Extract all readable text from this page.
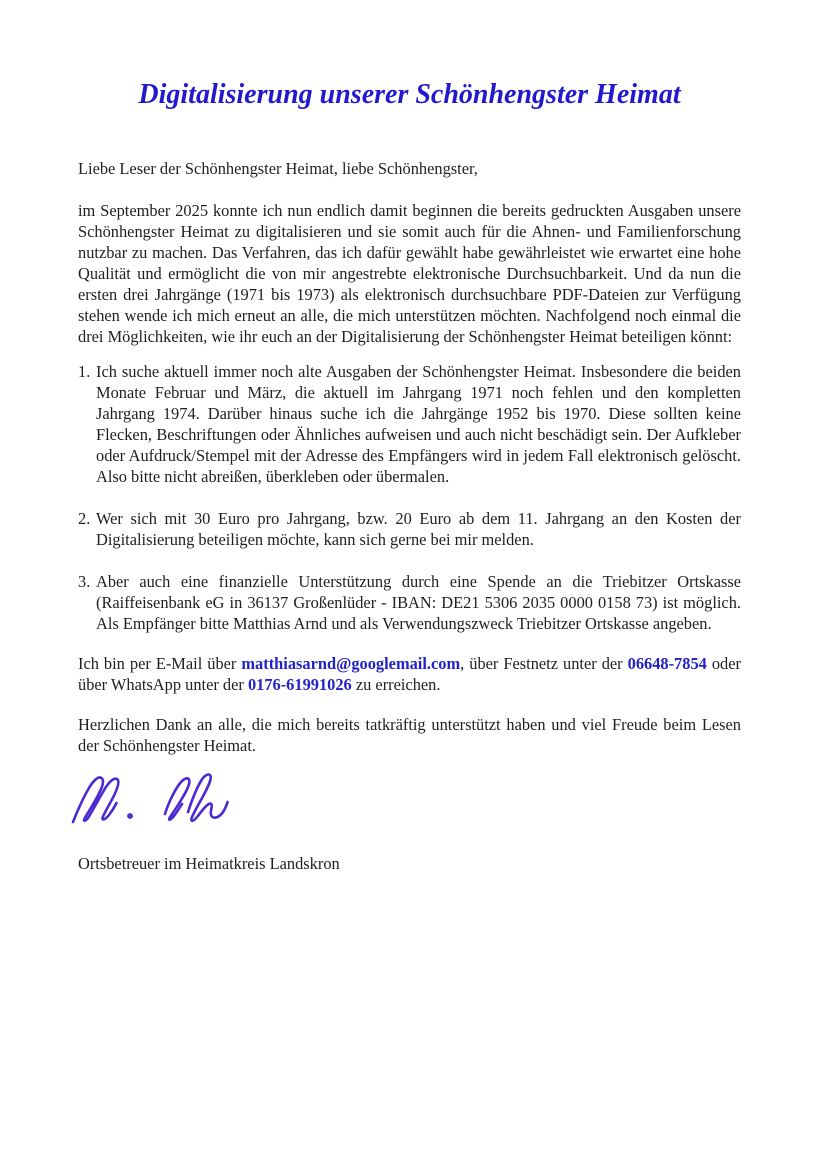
Digitalisierung unserer Schönhengster Heimat

Liebe Leser der Schönhengster Heimat, liebe Schönhengster,

im September 2025 konnte ich nun endlich damit beginnen die bereits gedruckten Ausgaben unsere Schönhengster Heimat zu digitalisieren und sie somit auch für die Ahnen- und Familienforschung nutzbar zu machen. Das Verfahren, das ich dafür gewählt habe gewährleistet wie erwartet eine hohe Qualität und ermöglicht die von mir angestrebte elektronische Durchsuchbarkeit. Und da nun die ersten drei Jahrgänge (1971 bis 1973) als elektronisch durchsuchbare PDF-Dateien zur Verfügung stehen wende ich mich erneut an alle, die mich unterstützen möchten. Nachfolgend noch einmal die drei Möglichkeiten, wie ihr euch an der Digitalisierung der Schönhengster Heimat beteiligen könnt:

1. Ich suche aktuell immer noch alte Ausgaben der Schönhengster Heimat. Insbesondere die beiden Monate Februar und März, die aktuell im Jahrgang 1971 noch fehlen und den kompletten Jahrgang 1974. Darüber hinaus suche ich die Jahrgänge 1952 bis 1970. Diese sollten keine Flecken, Beschriftungen oder Ähnliches aufweisen und auch nicht beschädigt sein. Der Aufkleber oder Aufdruck/Stempel mit der Adresse des Empfängers wird in jedem Fall elektronisch gelöscht. Also bitte nicht abreißen, überkleben oder übermalen.
2. Wer sich mit 30 Euro pro Jahrgang, bzw. 20 Euro ab dem 11. Jahrgang an den Kosten der Digitalisierung beteiligen möchte, kann sich gerne bei mir melden.
3. Aber auch eine finanzielle Unterstützung durch eine Spende an die Triebitzer Ortskasse (Raiffeisenbank eG in 36137 Großenlüder - IBAN: DE21 5306 2035 0000 0158 73) ist möglich. Als Empfänger bitte Matthias Arnd und als Verwendungszweck Triebitzer Ortskasse angeben.

Ich bin per E-Mail über matthiasarnd@googlemail.com, über Festnetz unter der 06648-7854 oder über WhatsApp unter der 0176-61991026 zu erreichen.

Herzlichen Dank an alle, die mich bereits tatkräftig unterstützt haben und viel Freude beim Lesen der Schönhengster Heimat.

Ortsbetreuer im Heimatkreis Landskron
